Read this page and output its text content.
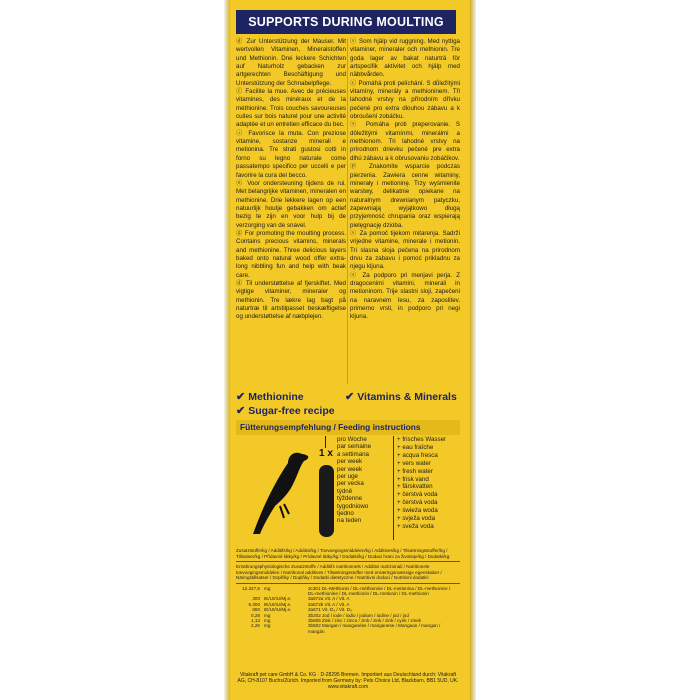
SUPPORTS DURING MOULTING

ⓓ Zur Unterstützung der Mauser. Mit wertvollen Vitaminen, Mineralstoffen und Methionin. Drei leckere Schichten auf Naturholz gebacken zur artgerechten Beschäftigung und Unterstützung der Schnabelpflege.

ⓕ Facilite la mue. Avec de précieuses vitamines, des minéraux et de la méthionine. Trois couches savoureuses cuites sur bois naturel pour une activité adaptée et un entretien efficace du bec.

ⓘ Favorisce la muta. Con preziose vitamine, sostanze minerali e metionina. Tre strati gustosi cotti in forno su legno naturale come passatempo specifico per uccelli e per favorire la cura del becco.

ⓝ Voor ondersteuning tijdens de rui. Met belangrijke vitaminen, mineralen en methionine. Drie lekkere lagen op een natuurlijk houtje gebakken om actief bezig te zijn en voor hulp bij de verzorging van de snavel.

ⓖ For promoting the moulting process. Contains precious vitamins, minerals and methionine. Three delicious layers baked onto natural wood offer extra-long nibbling fun and help with beak care.

ⓓ Til understøttelse af fjerskiftet. Med vigtige vitaminer, mineraler og methionin. Tre lækre lag bagt på naturtræ til artstilpasset beskæftigelse og understøttelse af næbplejen.

ⓢ Som hjälp vid ruggning. Med nyttiga vitaminer, mineraler och methionin. Tre goda lager av bakat naturträ för artspecifik aktivitet och hjälp med näbbvården.

ⓒ Pomáhá proti pelíchání. S důležitými vitamíny, minerály a methioninem. Tři lahodné vrstvy na přírodním dřívku pečené pro extra dlouhou zábavu a k obroušení zobáčku.

ⓢ Pomáha proti preperovanie. S dôležitými vitamínmi, minerálmi a methionom. Tri lahodné vrstvy na prírodnom drievku pečené pre extra dlhú zábavu a k obrusovaniu zobáčikov.

ⓟ Znakomite wsparcie podczas pierzenia. Zawiera cenne witaminy, minerały i metioninę. Trzy wyśmienite warstwy, delikatnie opiekane na naturalnym drewnianym patyczku, zapewniają wyjątkowo długą przyjemność chrupania oraz wspierają pielęgnację dzioba.

ⓢ Za pomoč tijekom mitarenja. Sadrži vrijedne vitamine, minerale i metionin. Tri slasna sloja pečena na prirodnom drvu za zabavu i pomoć prikladnu za njegu kljuna.

ⓢ Za podporo pri menjavi perja. Z dragocenimi vitamini, minerali in metioninom. Trije slastni sloji, zapečeni na naravnem lesu, za zaposlitev, primerno vrsti, in podporo pri negi kljuna.

✔ Methionine	✔ Vitamins & Minerals
✔ Sugar-free recipe
Fütterungsempfehlung / Feeding instructions
1 x
pro Woche
par semaine
a settimana
per week
per week
per uge
per vecka
týdně
týždenne
tygodniowo
tjedno
na teden
+ frisches Wasser
+ eau fraîche
+ acqua fresca
+ vers water
+ fresh water
+ frisk vand
+ färskvatten
+ čerstvá voda
+ čerstvá voda
+ świeża woda
+ svježa voda
+ sveža voda
Zusatzstoffe/kg / Additifs/kg / Additivi/kg / Toevoegingsmiddelen/kg / Additives/kg / Tilsætningsstoffer/kg / Tillsatser/kg / Přídavné látky/kg / Prídavné látky/kg / Dodatki/kg / Dodaci hrani za životinje/kg / Dodatki/kg:
Ernährungsphysiologische Zusatzstoffe / Additifs nutritionnels / Additivi nutrizionali / Nutritionele toevoegingsmiddelen / Nutritional additives / Tilsætningsstoffer med ernæringsmæssige egenskaber / Näringstillsatser / Doplňky / Doplňky / Dodatki dietetyczne / Nutritivni dodaci / Nutritivni dodatki:
12.327,5	mg	3c301 DL-Methionin / DL-méthionine / DL-metionina / DL-methionine / DL-methionine / DL-methionin / DL-metionin / DL-methionin
300	IE/UI/IU/Mj.e.	3a672a Vit. A / Vit. A
6.300	IE/UI/IU/Mj.e.	3a672b Vit. A / Vit. A
650	IE/UI/IU/Mj.e.	3a671 Vit. D₃ / Vit. D₃
0,28	mg	3b202 Jod / iode / iodio / jodium / iodine / jod / jod
1,13	mg	3b605 Zink / zinc / zinco / zink / zink / zink / cynk / zinek
2,26	mg	3b502 Mangan / manganèse / manganese / Mangaan / mangan / mangán
Vitakraft pet care GmbH & Co. KG · D-28295 Bremen. Importiert aus Deutschland durch: Vitakraft AG, CH-8107 Buchs/Zürich. Imported from Germany by: Pets Choice Ltd, Blackburn, BB1 5UD, UK. www.vitakraft.com
